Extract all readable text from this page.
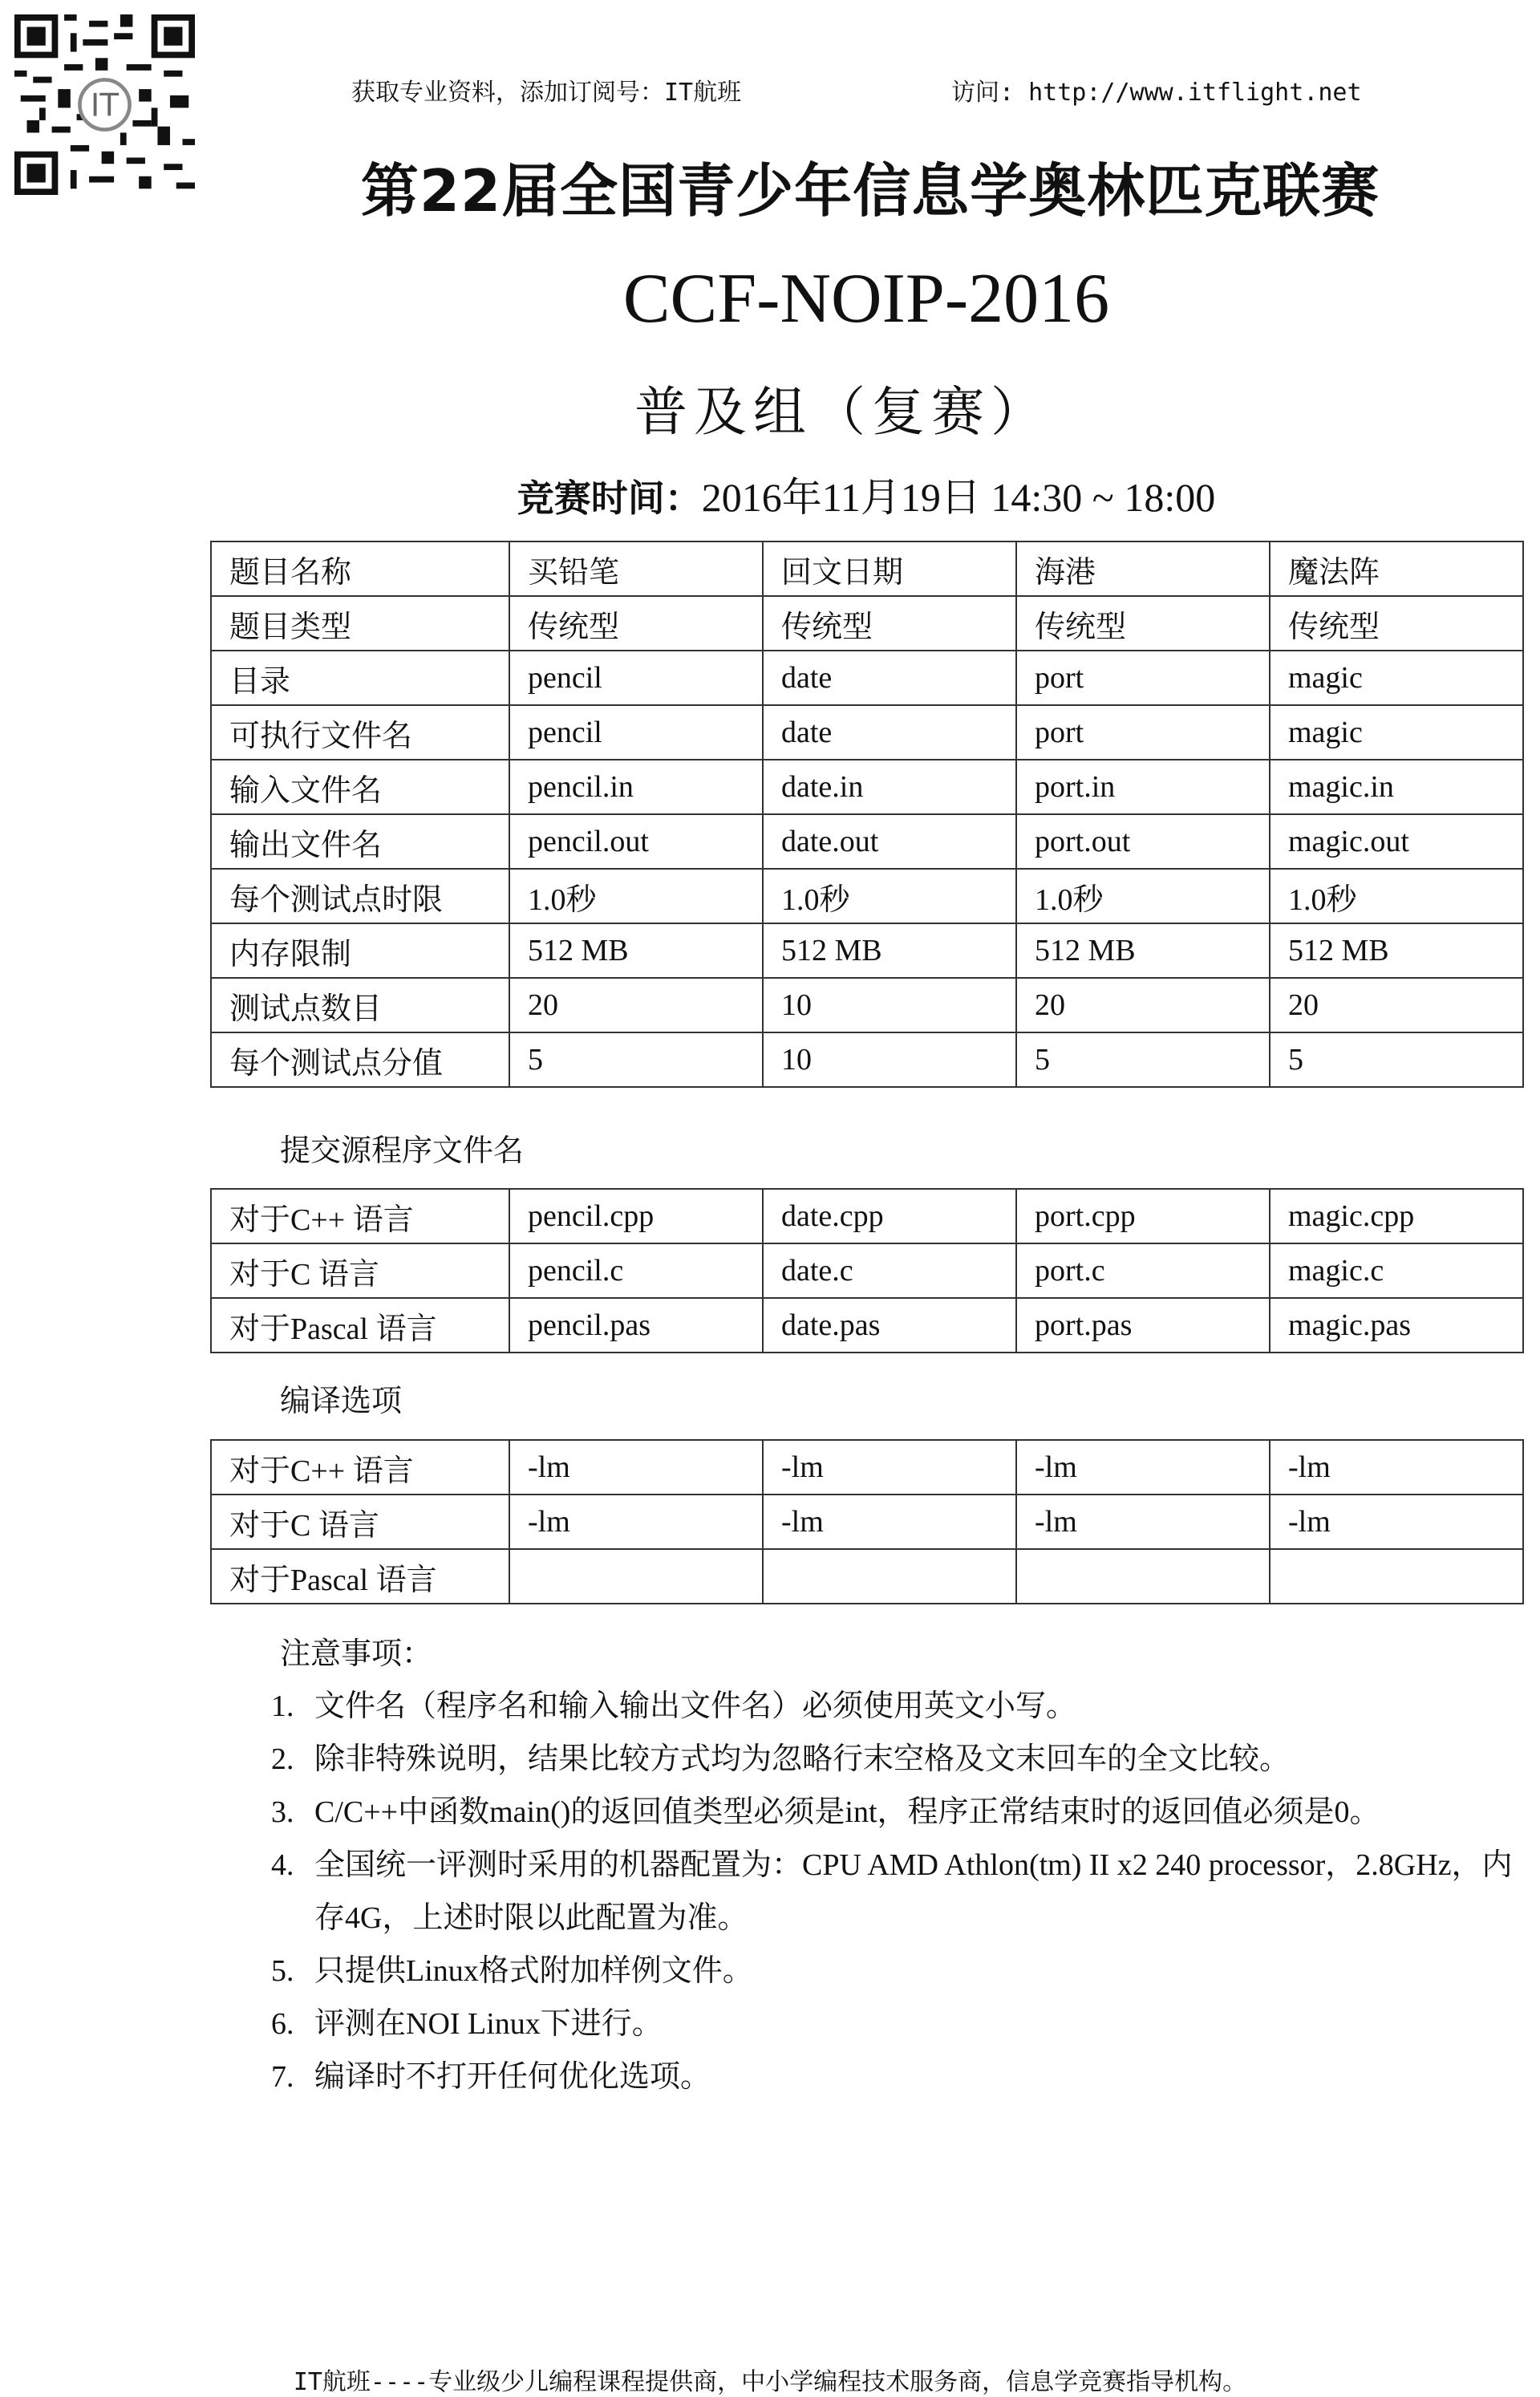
IT	获取专业资料，添加订阅号：IT航班	访问: http://www.itflight.net
第22届全国青少年信息学奥林匹克联赛
CCF-NOIP-2016
普及组（复赛）
竞赛时间：2016年11月19日 14:30 ~ 18:00
题目名称	买铅笔	回文日期	海港	魔法阵
题目类型	传统型	传统型	传统型	传统型
目录	pencil	date	port	magic
可执行文件名	pencil	date	port	magic
输入文件名	pencil.in	date.in	port.in	magic.in
输出文件名	pencil.out	date.out	port.out	magic.out
每个测试点时限	1.0秒	1.0秒	1.0秒	1.0秒
内存限制	512 MB	512 MB	512 MB	512 MB
测试点数目	20	10	20	20
每个测试点分值	5	10	5	5
提交源程序文件名
对于C++ 语言	pencil.cpp	date.cpp	port.cpp	magic.cpp
对于C 语言	pencil.c	date.c	port.c	magic.c
对于Pascal 语言	pencil.pas	date.pas	port.pas	magic.pas
编译选项
对于C++ 语言	-lm	-lm	-lm	-lm
对于C 语言	-lm	-lm	-lm	-lm
对于Pascal 语言				
注意事项：
1. 文件名（程序名和输入输出文件名）必须使用英文小写。
2. 除非特殊说明，结果比较方式均为忽略行末空格及文末回车的全文比较。
3. C/C++中函数main()的返回值类型必须是int，程序正常结束时的返回值必须是0。
4. 全国统一评测时采用的机器配置为：CPU AMD Athlon(tm) II x2 240 processor，2.8GHz，内存4G，上述时限以此配置为准。
5. 只提供Linux格式附加样例文件。
6. 评测在NOI Linux下进行。
7. 编译时不打开任何优化选项。
IT航班----专业级少儿编程课程提供商，中小学编程技术服务商，信息学竞赛指导机构。
